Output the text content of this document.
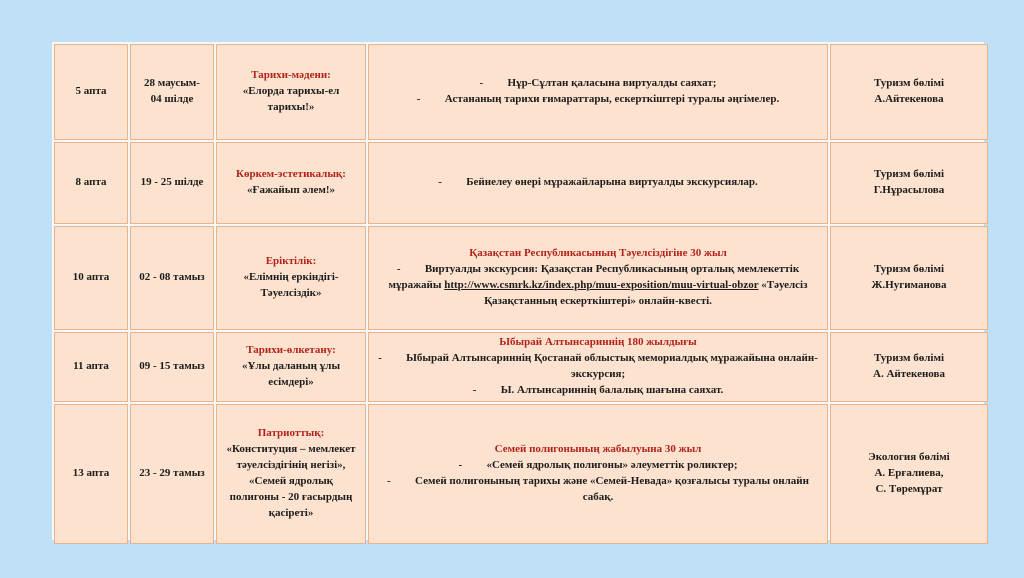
5 апта	28 маусым-
04 шілде	Тарихи-мәдени:
«Елорда тарихы-ел тарихы!»	- Нұр-Сұлтан қаласына виртуалды саяхат;
- Астананың тарихи ғимараттары, ескерткіштері туралы әңгімелер.	Туризм бөлімі
А.Айтекенова

8 апта	19 - 25 шілде	Көркем-эстетикалық:
«Ғажайып әлем!»	- Бейнелеу өнері мұражайларына виртуалды экскурсиялар.	Туризм бөлімі
Г.Нұрасылова

10 апта	02 - 08 тамыз	Еріктілік:
«Елімнің еркіндігі-Тәуелсіздік»	Қазақстан Республикасының Тәуелсіздігіне 30 жыл
- Виртуалды экскурсия: Қазақстан Республикасының орталық мемлекеттік мұражайы http://www.csmrk.kz/index.php/muu-exposition/muu-virtual-obzor «Тәуелсіз Қазақстанның ескерткіштері» онлайн-квесті.	Туризм бөлімі
Ж.Нугиманова

11 апта	09 - 15 тамыз	Тарихи-өлкетану:
«Ұлы даланың ұлы есімдері»	Ыбырай Алтынсариннің 180 жылдығы
- Ыбырай Алтынсариннің Қостанай облыстық мемориалдық мұражайына онлайн-экскурсия;
- Ы. Алтынсариннің балалық шағына саяхат.	Туризм бөлімі
А. Айтекенова

13 апта	23 - 29 тамыз	Патриоттық:
«Конституция – мемлекет тәуелсіздігінің негізі», «Семей ядролық полигоны - 20 ғасырдың қасіреті»	Семей полигонының жабылуына 30 жыл
- «Семей ядролық полигоны» әлеуметтік роликтер;
- Семей полигонының тарихы және «Семей-Невада» қозғалысы туралы онлайн сабақ.	Экология бөлімі
А. Ерғалиева,
С. Төремұрат
